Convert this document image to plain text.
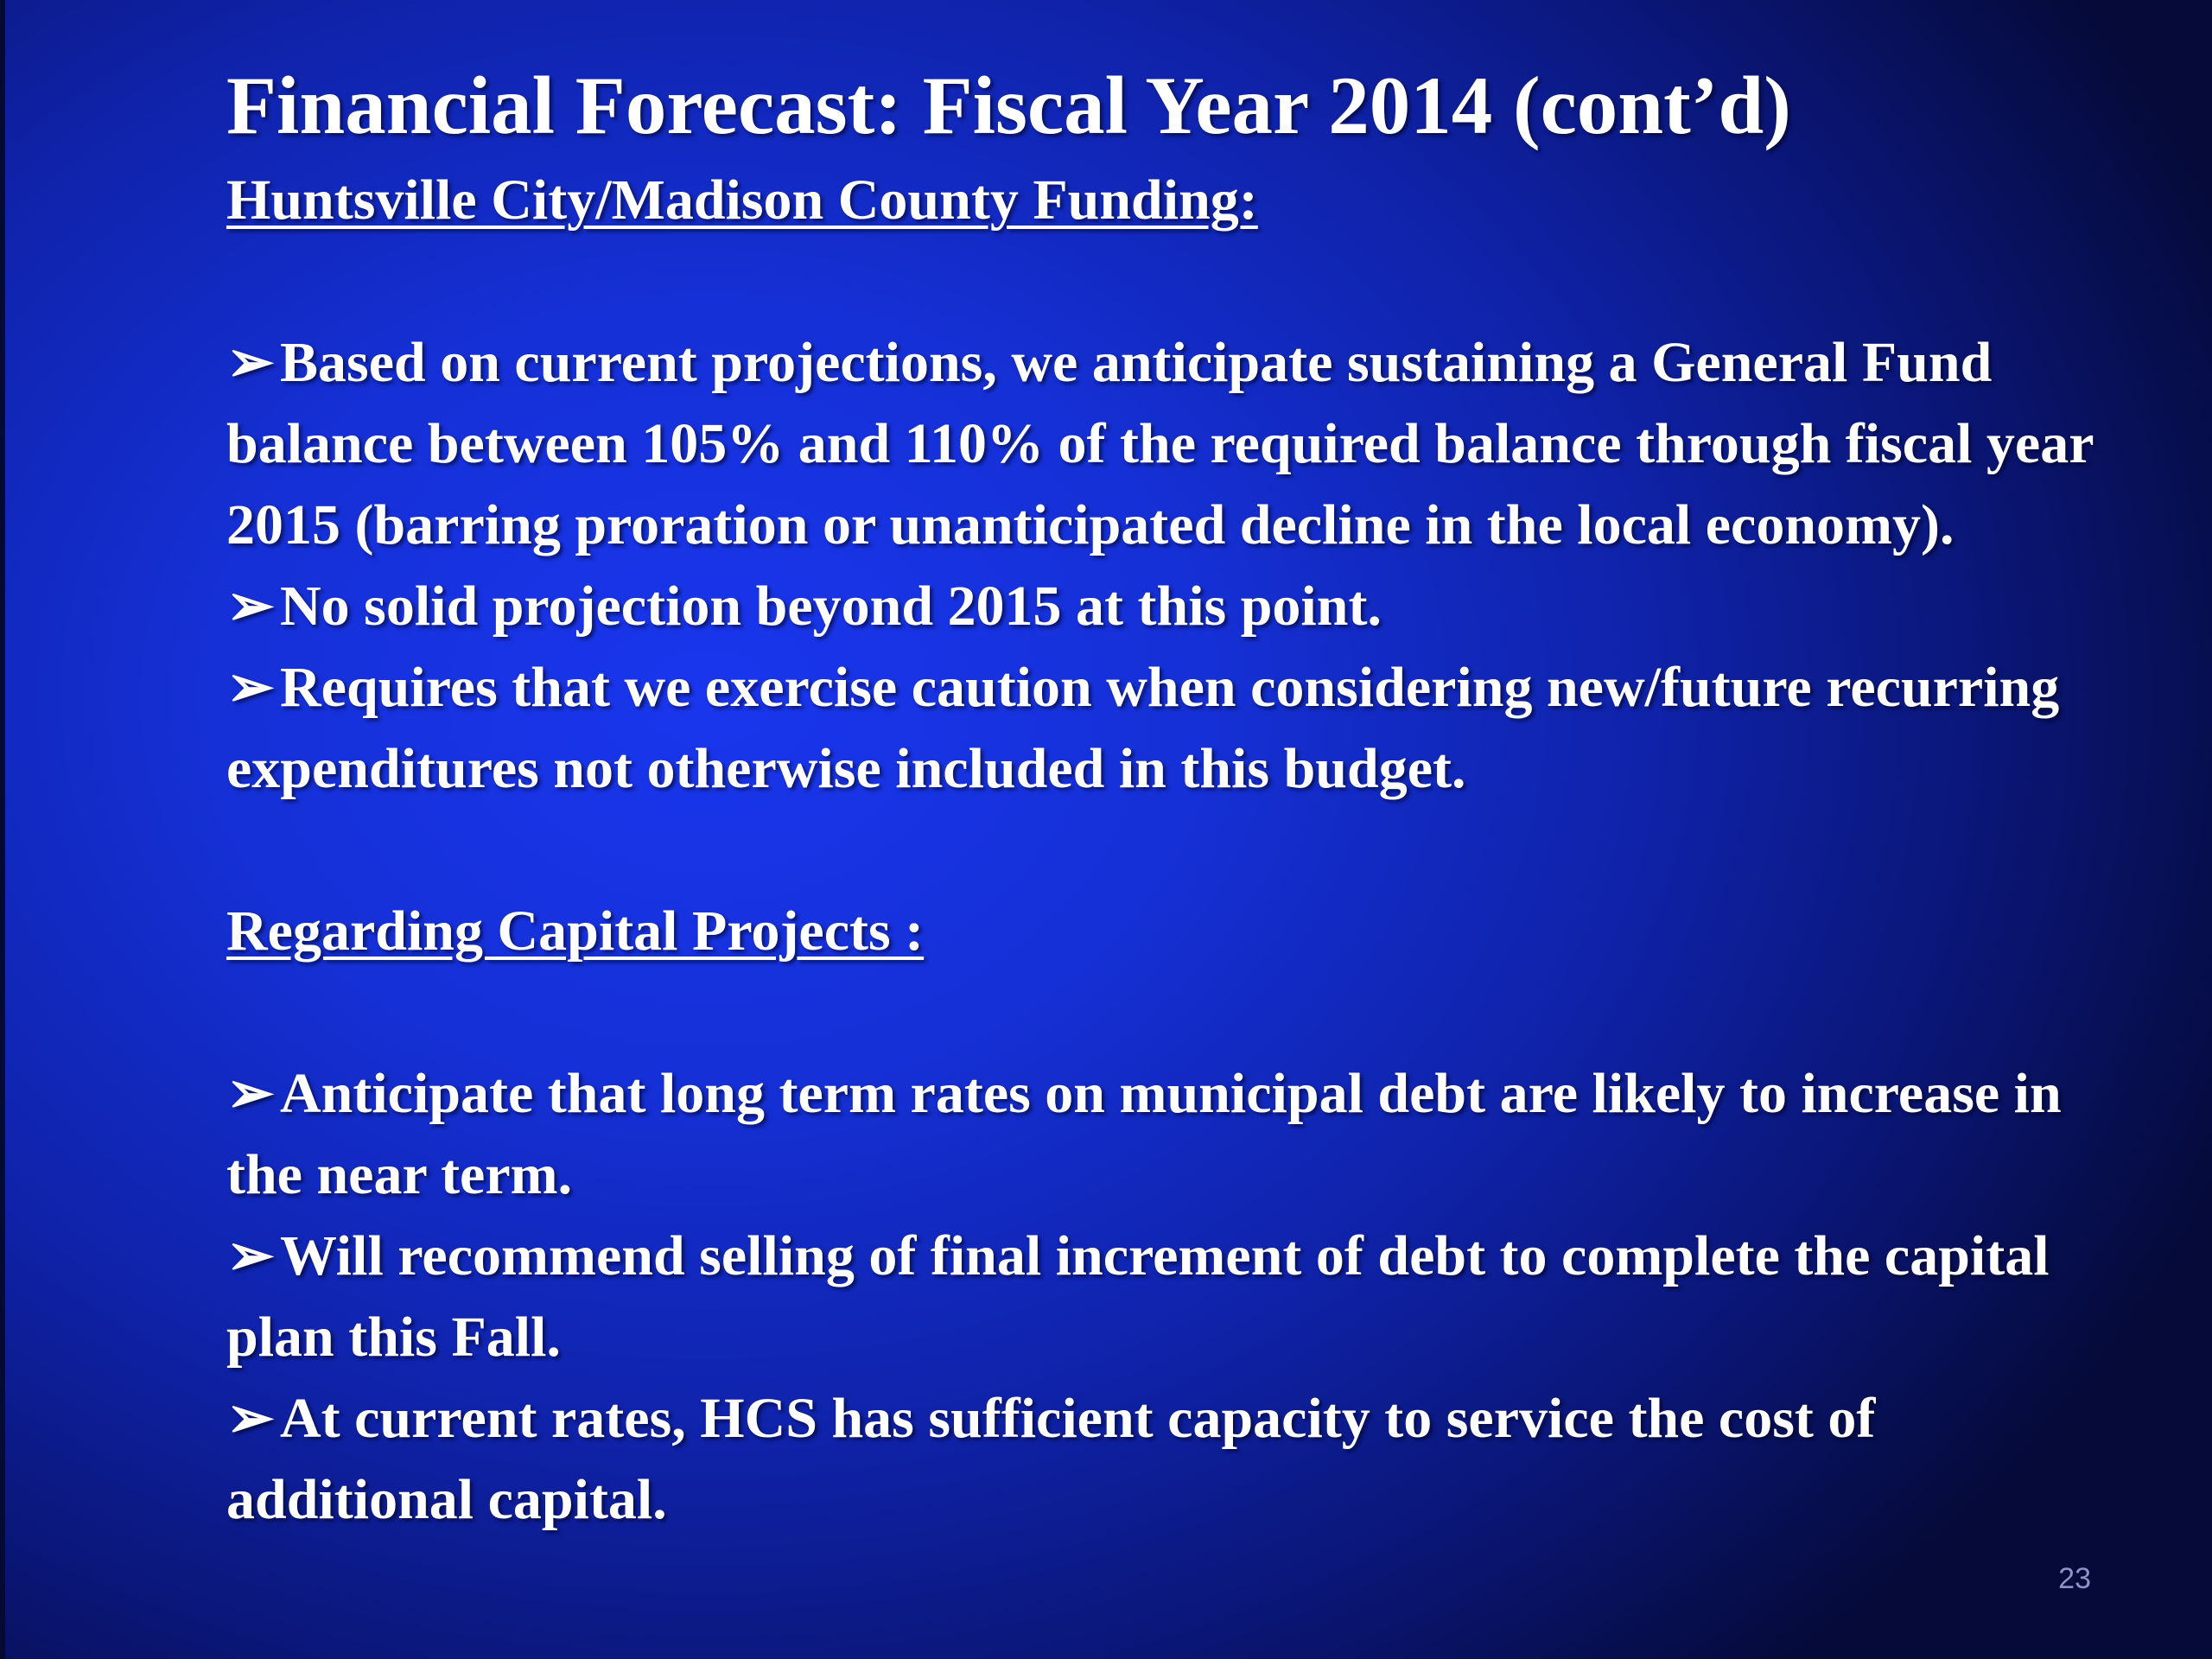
Financial Forecast: Fiscal Year 2014 (cont’d)
Huntsville City/Madison County Funding:

➢ Based on current projections, we anticipate sustaining a General Fund balance between 105% and 110% of the required balance through fiscal year 2015 (barring proration or unanticipated decline in the local economy).

➢ No solid projection beyond 2015 at this point.

➢ Requires that we exercise caution when considering new/future recurring expenditures not otherwise included in this budget.

Regarding Capital Projects :

➢ Anticipate that long term rates on municipal debt are likely to increase in the near term.

➢ Will recommend selling of final increment of debt to complete the capital plan this Fall.

➢ At current rates, HCS has sufficient capacity to service the cost of additional capital.

23
